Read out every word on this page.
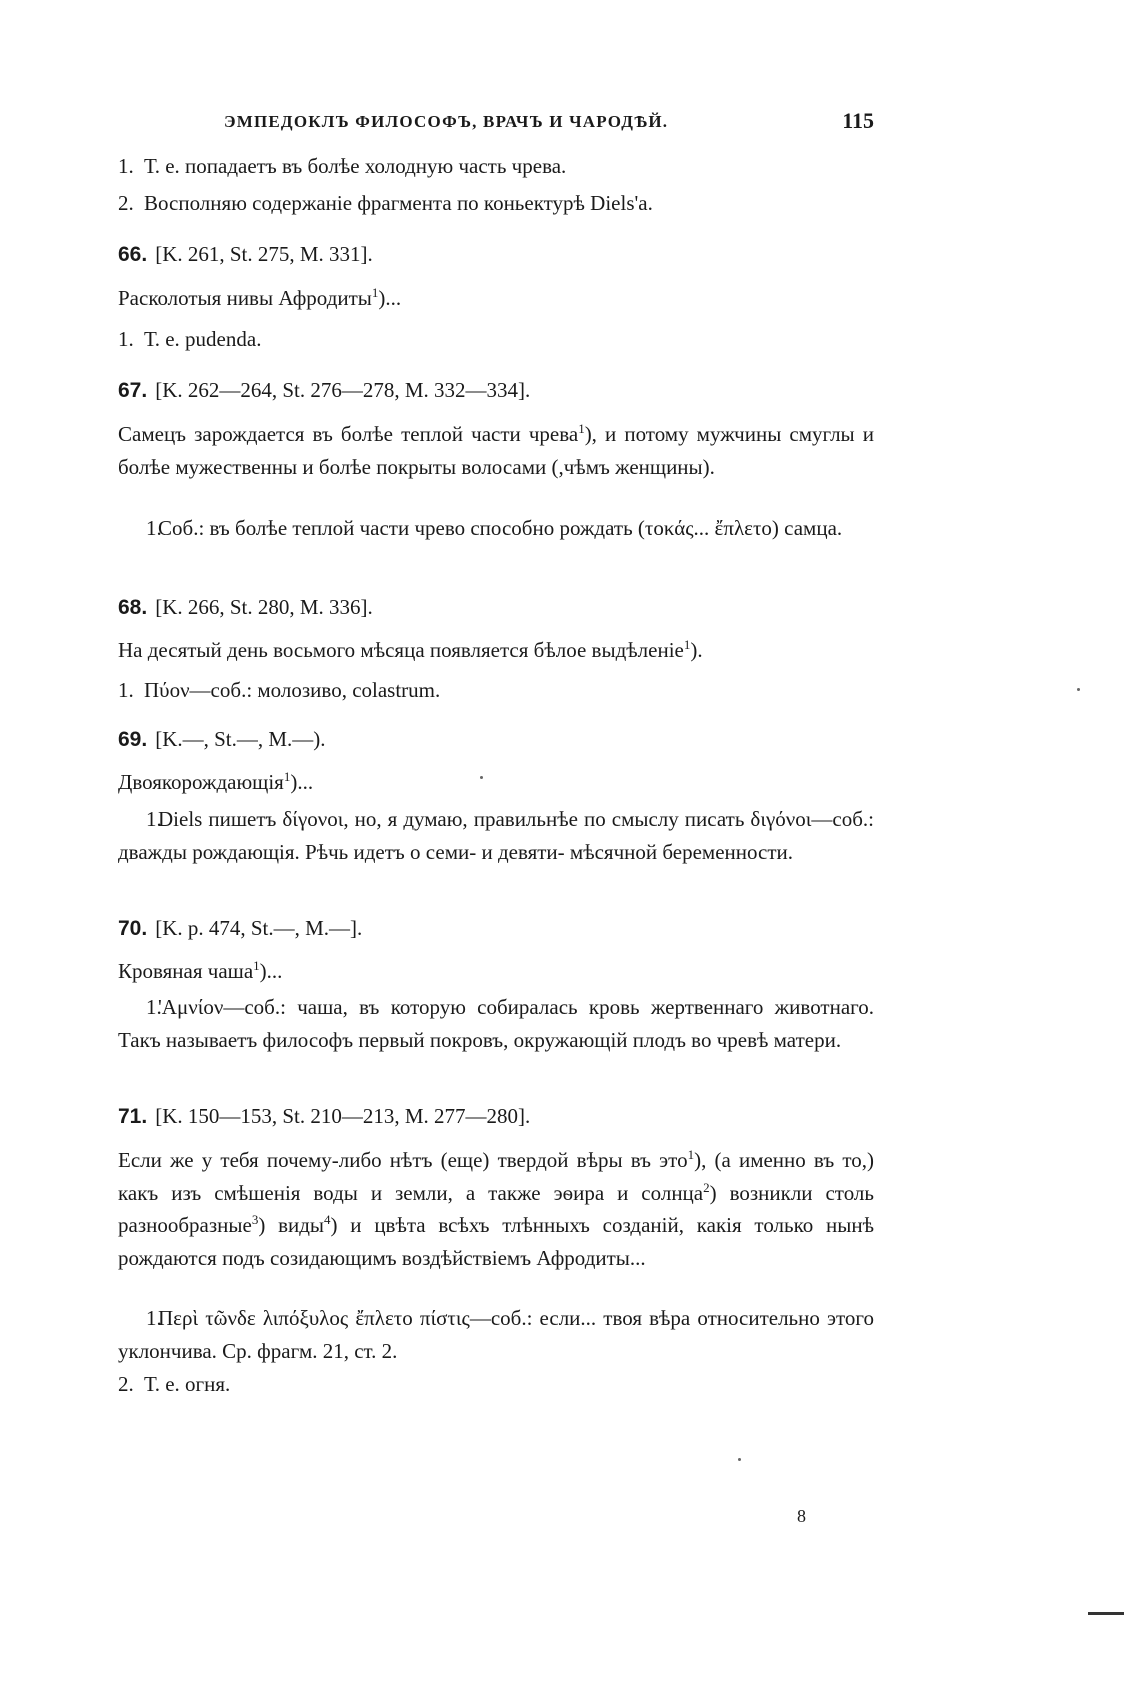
ЭМПЕДОКЛЪ ФИЛОСОФЪ, ВРАЧЪ И ЧАРОДѢЙ.	115
1. Т. е. попадаетъ въ болѣе холодную часть чрева.
2. Восполняю содержаніе фрагмента по коньектурѣ Diels'a.
66. [K. 261, St. 275, M. 331].
Расколотыя нивы Афродиты$^1$)...
1. Т. е. pudenda.
67. [K. 262—264, St. 276—278, M. 332—334].
Самецъ зарождается въ болѣе теплой части чрева$^1$), и потому мужчины смуглы и болѣе мужественны и болѣе покрыты волосами (,чѣмъ женщины).
1.Соб.: въ болѣе теплой части чрево способно рождать (τοκάς... ἔπλετο) самца.
68. [K. 266, St. 280, M. 336].
На десятый день восьмого мѣсяца появляется бѣлое выдѣленіе$^1$).
1. Πύον—соб.: молозиво, colastrum.
69. [K.—, St.—, M.—).
Двоякорождающія$^1$)...
1.Diels пишетъ δίγονοι, но, я думаю, правильнѣе по смыслу писать διγόνοι—соб.: дважды рождающія. Рѣчь идетъ о семи- и девяти- мѣсячной беременности.
70. [K. p. 474, St.—, M.—].
Кровяная чаша$^1$)...
1.'Αμνίον—соб.: чаша, въ которую собиралась кровь жертвеннаго животнаго. Такъ называетъ философъ первый покровъ, окружающій плодъ во чревѣ матери.
71. [K. 150—153, St. 210—213, M. 277—280].
Если же у тебя почему-либо нѣтъ (еще) твердой вѣры въ это$^1$), (а именно въ то,) какъ изъ смѣшенія воды и земли, а также эѳира и солнца$^2$) возникли столь разнообразные$^3$) виды$^4$) и цвѣта всѣхъ тлѣнныхъ созданій, какія только нынѣ рождаются подъ созидающимъ воздѣйствіемъ Афродиты...
1.Περὶ τῶνδε λιπόξυλος ἔπλετο πίστις—соб.: если... твоя вѣра относительно этого уклончива. Ср. фрагм. 21, ст. 2.
2. Т. е. огня.
8
